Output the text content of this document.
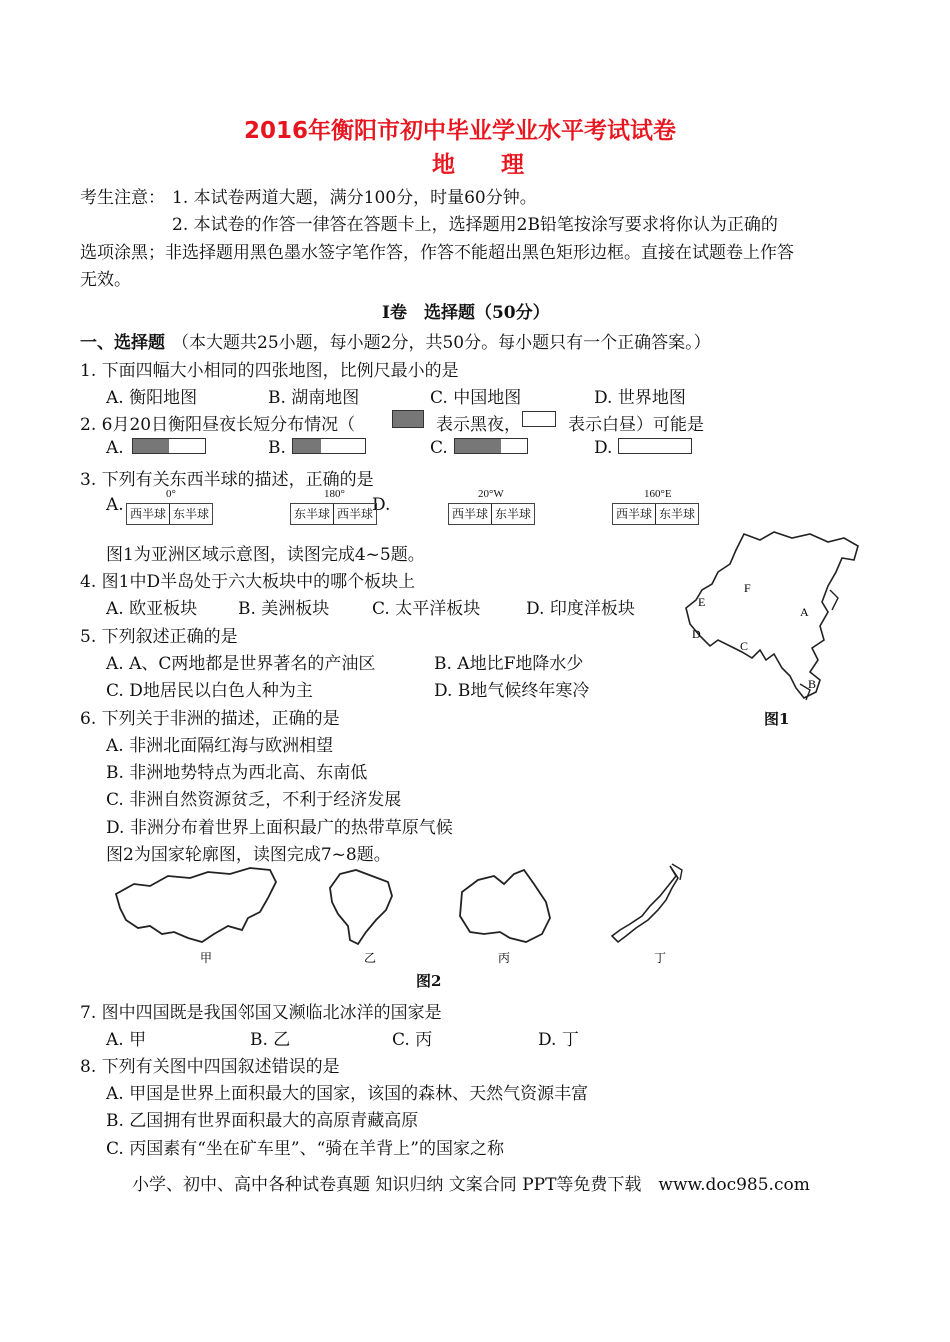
2016年衡阳市初中毕业学业水平考试试卷
地　　理
考生注意： 1. 本试卷两道大题，满分100分，时量60分钟。
2. 本试卷的作答一律答在答题卡上，选择题用2B铅笔按涂写要求将你认为正确的
选项涂黑；非选择题用黑色墨水签字笔作答，作答不能超出黑色矩形边框。直接在试题卷上作答
无效。
Ⅰ卷　选择题（50分）
一、选择题 （本大题共25小题，每小题2分，共50分。每小题只有一个正确答案。）
1. 下面四幅大小相同的四张地图，比例尺最小的是
A. 衡阳地图	B. 湖南地图	C. 中国地图	D. 世界地图
2. 6月20日衡阳昼夜长短分布情况（	表示黑夜，	表示白昼）可能是
A.	B.	C.	D.
3. 下列有关东西半球的描述，正确的是
A.	D.
0°
西半球 东半球
180°
东半球 西半球
20°W
西半球 东半球
160°E
西半球 东半球
图1为亚洲区域示意图，读图完成4~5题。
4. 图1中D半岛处于六大板块中的哪个板块上
A. 欧亚板块 B. 美洲板块	C. 太平洋板块	D. 印度洋板块
5. 下列叙述正确的是
A. A、C两地都是世界著名的产油区	B. A地比F地降水少
C. D地居民以白色人种为主	D. B地气候终年寒冷
6. 下列关于非洲的描述，正确的是
A. 非洲北面隔红海与欧洲相望
B. 非洲地势特点为西北高、东南低
C. 非洲自然资源贫乏，不利于经济发展
D. 非洲分布着世界上面积最广的热带草原气候
F
E
A
D
C
B
图1
图2为国家轮廓图，读图完成7~8题。
甲	乙	丙	丁
图2
7. 图中四国既是我国邻国又濒临北冰洋的国家是
A. 甲	B. 乙	C. 丙	D. 丁
8. 下列有关图中四国叙述错误的是
A. 甲国是世界上面积最大的国家，该国的森林、天然气资源丰富
B. 乙国拥有世界面积最大的高原青藏高原
C. 丙国素有“坐在矿车里”、“骑在羊背上”的国家之称
小学、初中、高中各种试卷真题 知识归纳 文案合同 PPT等免费下载　www.doc985.com
